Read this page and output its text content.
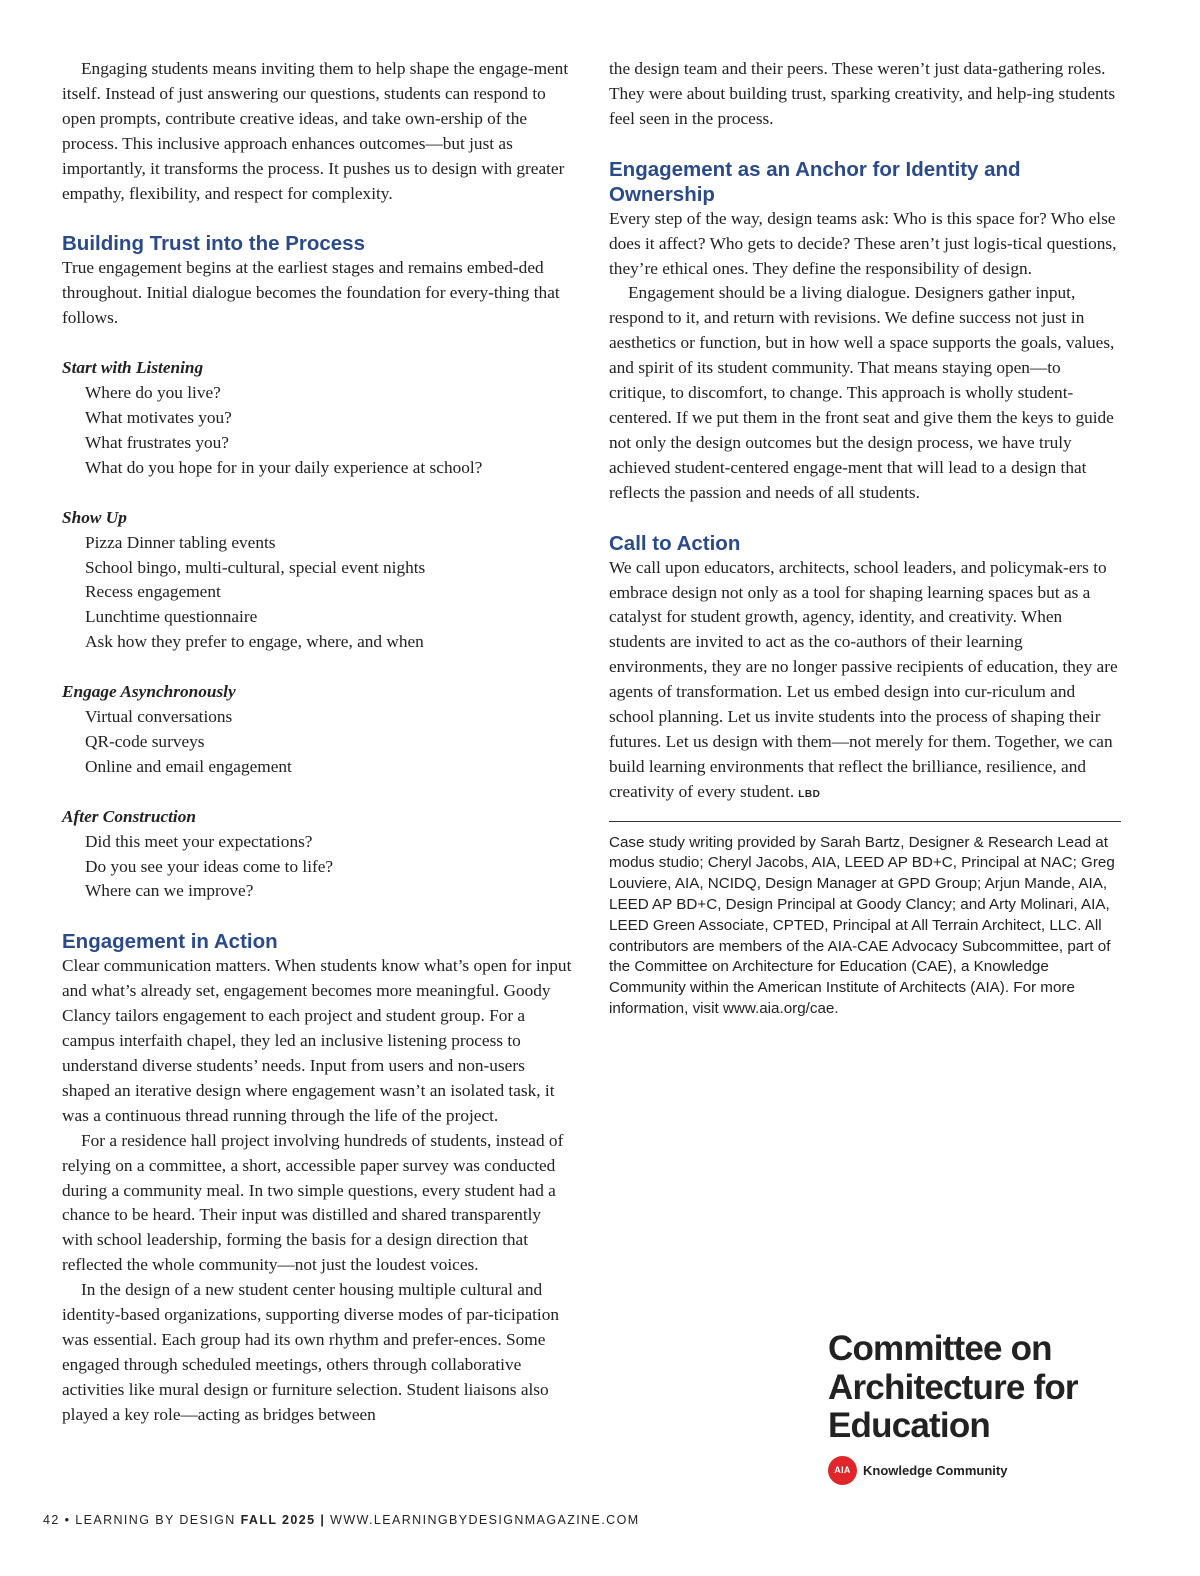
Engaging students means inviting them to help shape the engage-ment itself. Instead of just answering our questions, students can respond to open prompts, contribute creative ideas, and take own-ership of the process. This inclusive approach enhances outcomes—but just as importantly, it transforms the process. It pushes us to design with greater empathy, flexibility, and respect for complexity.

Building Trust into the Process

True engagement begins at the earliest stages and remains embed-ded throughout. Initial dialogue becomes the foundation for every-thing that follows.

Start with Listening

Where do you live?

What motivates you?

What frustrates you?

What do you hope for in your daily experience at school?

Show Up

Pizza Dinner tabling events

School bingo, multi-cultural, special event nights

Recess engagement

Lunchtime questionnaire

Ask how they prefer to engage, where, and when

Engage Asynchronously

Virtual conversations

QR-code surveys

Online and email engagement

After Construction

Did this meet your expectations?

Do you see your ideas come to life?

Where can we improve?

Engagement in Action

Clear communication matters. When students know what’s open for input and what’s already set, engagement becomes more meaningful. Goody Clancy tailors engagement to each project and student group. For a campus interfaith chapel, they led an inclusive listening process to understand diverse students’ needs. Input from users and non-users shaped an iterative design where engagement wasn’t an isolated task, it was a continuous thread running through the life of the project.

For a residence hall project involving hundreds of students, instead of relying on a committee, a short, accessible paper survey was conducted during a community meal. In two simple questions, every student had a chance to be heard. Their input was distilled and shared transparently with school leadership, forming the basis for a design direction that reflected the whole community—not just the loudest voices.

In the design of a new student center housing multiple cultural and identity-based organizations, supporting diverse modes of par-ticipation was essential. Each group had its own rhythm and prefer-ences. Some engaged through scheduled meetings, others through collaborative activities like mural design or furniture selection. Student liaisons also played a key role—acting as bridges between

the design team and their peers. These weren’t just data-gathering roles. They were about building trust, sparking creativity, and help-ing students feel seen in the process.

Engagement as an Anchor for Identity and Ownership

Every step of the way, design teams ask: Who is this space for? Who else does it affect? Who gets to decide? These aren’t just logis-tical questions, they’re ethical ones. They define the responsibility of design.

Engagement should be a living dialogue. Designers gather input, respond to it, and return with revisions. We define success not just in aesthetics or function, but in how well a space supports the goals, values, and spirit of its student community. That means staying open—to critique, to discomfort, to change. This approach is wholly student-centered. If we put them in the front seat and give them the keys to guide not only the design outcomes but the design process, we have truly achieved student-centered engage-ment that will lead to a design that reflects the passion and needs of all students.

Call to Action

We call upon educators, architects, school leaders, and policymak-ers to embrace design not only as a tool for shaping learning spaces but as a catalyst for student growth, agency, identity, and creativity. When students are invited to act as the co-authors of their learning environments, they are no longer passive recipients of education, they are agents of transformation. Let us embed design into cur-riculum and school planning. Let us invite students into the process of shaping their futures. Let us design with them—not merely for them. Together, we can build learning environments that reflect the brilliance, resilience, and creativity of every student. LBD

Case study writing provided by Sarah Bartz, Designer & Research Lead at modus studio; Cheryl Jacobs, AIA, LEED AP BD+C, Principal at NAC; Greg Louviere, AIA, NCIDQ, Design Manager at GPD Group; Arjun Mande, AIA, LEED AP BD+C, Design Principal at Goody Clancy; and Arty Molinari, AIA, LEED Green Associate, CPTED, Principal at All Terrain Architect, LLC. All contributors are members of the AIA-CAE Advocacy Subcommittee, part of the Committee on Architecture for Education (CAE), a Knowledge Community within the American Institute of Architects (AIA). For more information, visit www.aia.org/cae.

Committee on
Architecture for
Education
AIA Knowledge Community
42 • LEARNING BY DESIGN FALL 2025 | WWW.LEARNINGBYDESIGNMAGAZINE.COM
